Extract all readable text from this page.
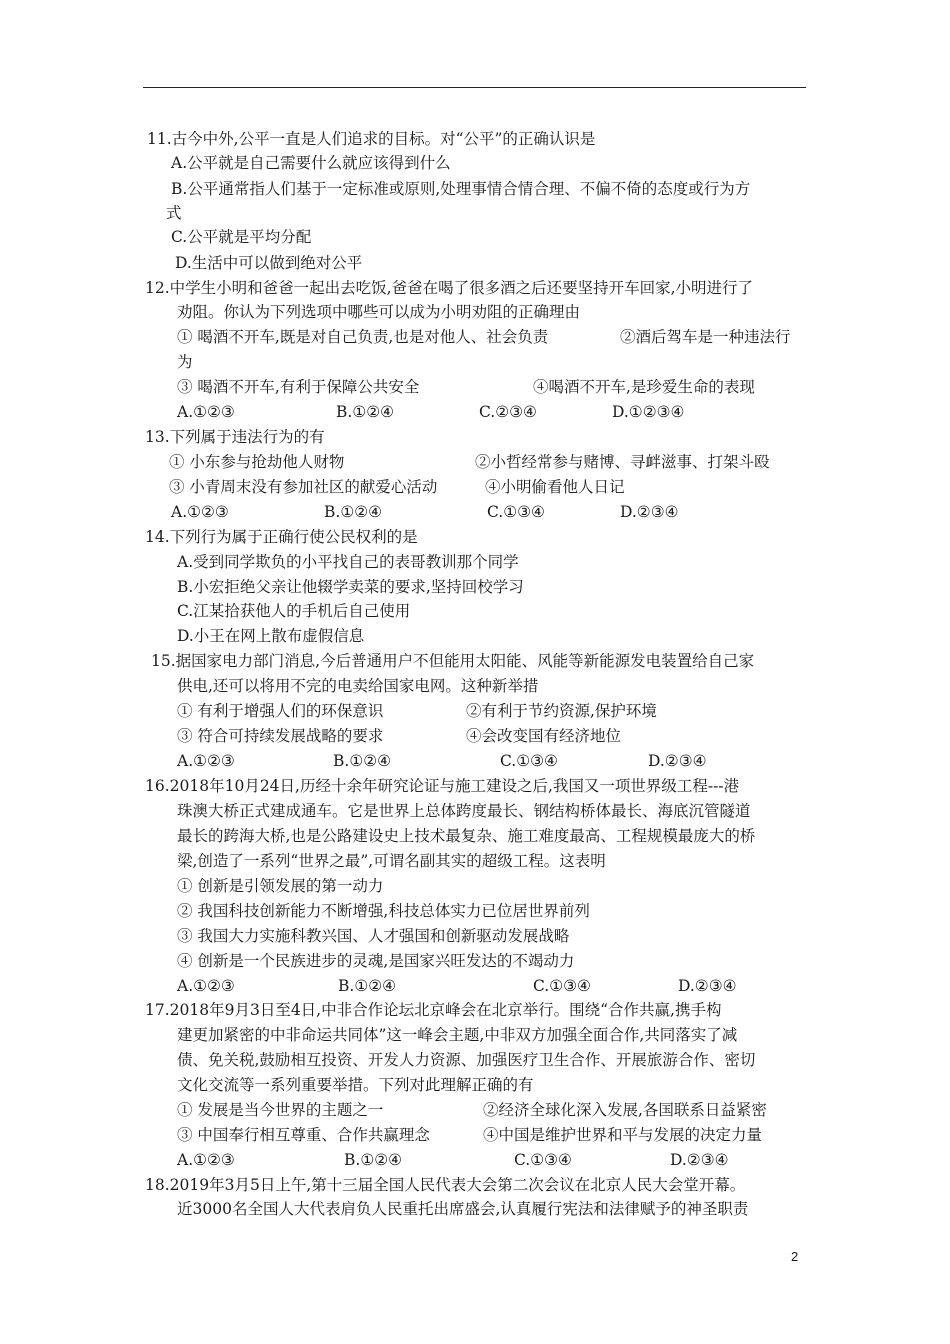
11.古今中外,公平一直是人们追求的目标。对“公平”的正确认识是
A.公平就是自己需要什么就应该得到什么
B.公平通常指人们基于一定标准或原则,处理事情合情合理、不偏不倚的态度或行为方
式
C.公平就是平均分配
D.生活中可以做到绝对公平
12.中学生小明和爸爸一起出去吃饭,爸爸在喝了很多酒之后还要坚持开车回家,小明进行了
劝阻。你认为下列选项中哪些可以成为小明劝阻的正确理由
① 喝酒不开车,既是对自己负责,也是对他人、社会负责	②酒后驾车是一种违法行
为
③ 喝酒不开车,有利于保障公共安全	④喝酒不开车,是珍爱生命的表现
A.①②③	B.①②④	C.②③④	D.①②③④
13.下列属于违法行为的有
① 小东参与抢劫他人财物	②小哲经常参与赌博、寻衅滋事、打架斗殴
③ 小青周末没有参加社区的献爱心活动	④小明偷看他人日记
A.①②③	B.①②④	C.①③④	D.②③④
14.下列行为属于正确行使公民权利的是
A.受到同学欺负的小平找自己的表哥教训那个同学
B.小宏拒绝父亲让他辍学卖菜的要求,坚持回校学习
C.江某拾获他人的手机后自己使用
D.小王在网上散布虚假信息
15.据国家电力部门消息,今后普通用户不但能用太阳能、风能等新能源发电装置给自己家
供电,还可以将用不完的电卖给国家电网。这种新举措
① 有利于增强人们的环保意识	②有利于节约资源,保护环境
③ 符合可持续发展战略的要求	④会改变国有经济地位
A.①②③	B.①②④	C.①③④	D.②③④
16.2018年10月24日,历经十余年研究论证与施工建设之后,我国又一项世界级工程---港
珠澳大桥正式建成通车。它是世界上总体跨度最长、钢结构桥体最长、海底沉管隧道
最长的跨海大桥,也是公路建设史上技术最复杂、施工难度最高、工程规模最庞大的桥
梁,创造了一系列“世界之最”,可谓名副其实的超级工程。这表明
① 创新是引领发展的第一动力
② 我国科技创新能力不断增强,科技总体实力已位居世界前列
③ 我国大力实施科教兴国、人才强国和创新驱动发展战略
④ 创新是一个民族进步的灵魂,是国家兴旺发达的不竭动力
A.①②③	B.①②④	C.①③④	D.②③④
17.2018年9月3日至4日,中非合作论坛北京峰会在北京举行。围绕“合作共赢,携手构
建更加紧密的中非命运共同体”这一峰会主题,中非双方加强全面合作,共同落实了减
债、免关税,鼓励相互投资、开发人力资源、加强医疗卫生合作、开展旅游合作、密切
文化交流等一系列重要举措。下列对此理解正确的有
① 发展是当今世界的主题之一	②经济全球化深入发展,各国联系日益紧密
③ 中国奉行相互尊重、合作共赢理念	④中国是维护世界和平与发展的决定力量
A.①②③	B.①②④	C.①③④	D.②③④
18.2019年3月5日上午,第十三届全国人民代表大会第二次会议在北京人民大会堂开幕。
近3000名全国人大代表肩负人民重托出席盛会,认真履行宪法和法律赋予的神圣职责
2
